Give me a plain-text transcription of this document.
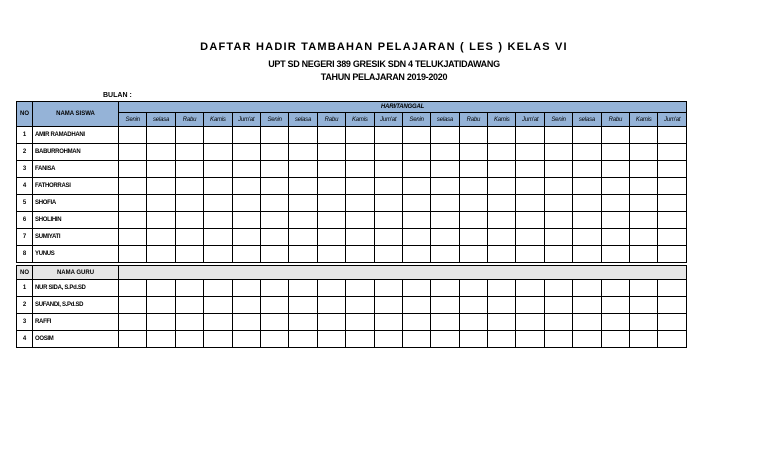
DAFTAR HADIR TAMBAHAN PELAJARAN ( LES ) KELAS VI
UPT SD NEGERI 389 GRESIK SDN 4 TELUKJATIDAWANG
TAHUN PELAJARAN 2019-2020
BULAN :
NO	NAMA SISWA	HARI/TANGGAL																			
		Senin	selasa	Rabu	Kamis	Jum'at	Senin	selasa	Rabu	Kamis	Jum'at	Senin	selasa	Rabu	Kamis	Jum'at	Senin	selasa	Rabu	Kamis	Jum'at
1	AMIR RAMADHANI																				
2	BABURROHMAN																				
3	FANISA																				
4	FATHORRASI																				
5	SHOFIA																				
6	SHOLIHIN																				
7	SUMIYATI																				
8	YUNUS																				

NO	NAMA GURU																				
1	NUR SIDA, S.Pd.SD																				
2	SUFANDI, S.Pd.SD																				
3	RAFFI																				
4	OOSIM																				
